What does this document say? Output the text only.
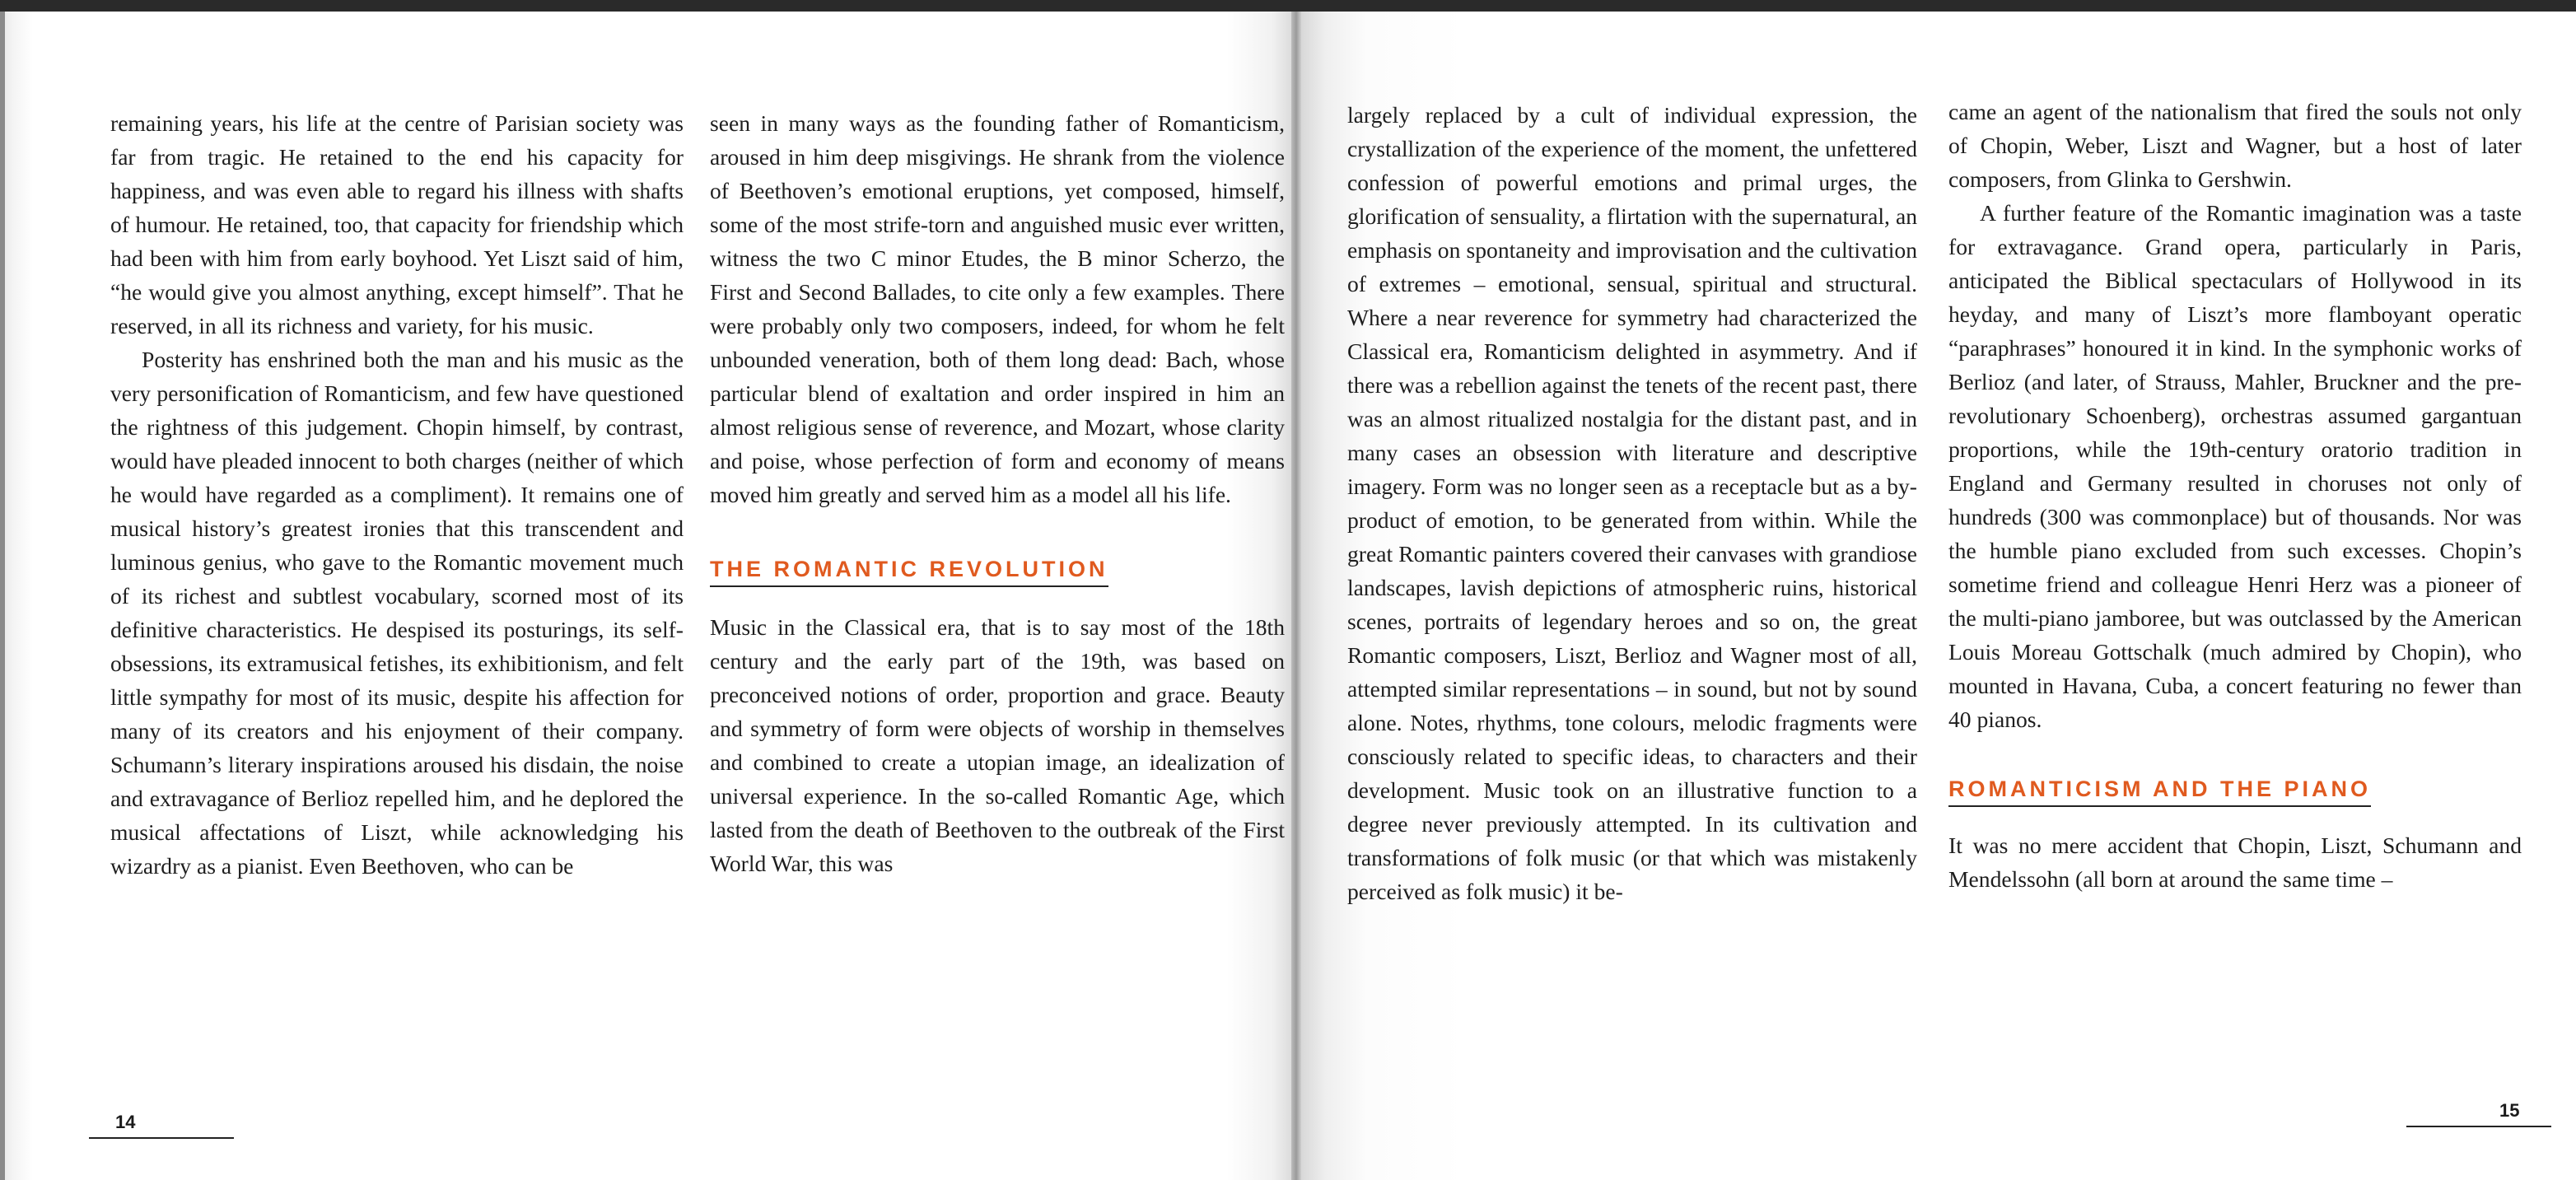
remaining years, his life at the centre of Parisian society was far from tragic. He retained to the end his capacity for happiness, and was even able to regard his illness with shafts of humour. He retained, too, that capacity for friendship which had been with him from early boyhood. Yet Liszt said of him, “he would give you almost anything, except himself”. That he reserved, in all its richness and variety, for his music.

Posterity has enshrined both the man and his music as the very personification of Romanticism, and few have questioned the rightness of this judgement. Chopin himself, by contrast, would have pleaded innocent to both charges (neither of which he would have regarded as a compliment). It remains one of musical history’s greatest ironies that this transcendent and luminous genius, who gave to the Romantic movement much of its richest and subtlest vocabulary, scorned most of its definitive characteristics. He despised its posturings, its self-obsessions, its extramusical fetishes, its exhibitionism, and felt little sympathy for most of its music, despite his affection for many of its creators and his enjoyment of their company. Schumann’s literary inspirations aroused his disdain, the noise and extravagance of Berlioz repelled him, and he deplored the musical affectations of Liszt, while acknowledging his wizardry as a pianist. Even Beethoven, who can be

seen in many ways as the founding father of Romanticism, aroused in him deep misgivings. He shrank from the violence of Beethoven’s emotional eruptions, yet composed, himself, some of the most strife-torn and anguished music ever written, witness the two C minor Etudes, the B minor Scherzo, the First and Second Ballades, to cite only a few examples. There were probably only two composers, indeed, for whom he felt unbounded veneration, both of them long dead: Bach, whose particular blend of exaltation and order inspired in him an almost religious sense of reverence, and Mozart, whose clarity and poise, whose perfection of form and economy of means moved him greatly and served him as a model all his life.

THE ROMANTIC REVOLUTION

Music in the Classical era, that is to say most of the 18th century and the early part of the 19th, was based on preconceived notions of order, proportion and grace. Beauty and symmetry of form were objects of worship in themselves and combined to create a utopian image, an idealization of universal experience. In the so-called Romantic Age, which lasted from the death of Beethoven to the outbreak of the First World War, this was

14

largely replaced by a cult of individual expression, the crystallization of the experience of the moment, the unfettered confession of powerful emotions and primal urges, the glorification of sensuality, a flirtation with the supernatural, an emphasis on spontaneity and improvisation and the cultivation of extremes – emotional, sensual, spiritual and structural. Where a near reverence for symmetry had characterized the Classical era, Romanticism delighted in asymmetry. And if there was a rebellion against the tenets of the recent past, there was an almost ritualized nostalgia for the distant past, and in many cases an obsession with literature and descriptive imagery. Form was no longer seen as a receptacle but as a by-product of emotion, to be generated from within. While the great Romantic painters covered their canvases with grandiose landscapes, lavish depictions of atmospheric ruins, historical scenes, portraits of legendary heroes and so on, the great Romantic composers, Liszt, Berlioz and Wagner most of all, attempted similar representations – in sound, but not by sound alone. Notes, rhythms, tone colours, melodic fragments were consciously related to specific ideas, to characters and their development. Music took on an illustrative function to a degree never previously attempted. In its cultivation and transformations of folk music (or that which was mistakenly perceived as folk music) it be-

came an agent of the nationalism that fired the souls not only of Chopin, Weber, Liszt and Wagner, but a host of later composers, from Glinka to Gershwin.

A further feature of the Romantic imagination was a taste for extravagance. Grand opera, particularly in Paris, anticipated the Biblical spectaculars of Hollywood in its heyday, and many of Liszt’s more flamboyant operatic “paraphrases” honoured it in kind. In the symphonic works of Berlioz (and later, of Strauss, Mahler, Bruckner and the pre-revolutionary Schoenberg), orchestras assumed gargantuan proportions, while the 19th-century oratorio tradition in England and Germany resulted in choruses not only of hundreds (300 was commonplace) but of thousands. Nor was the humble piano excluded from such excesses. Chopin’s sometime friend and colleague Henri Herz was a pioneer of the multi-piano jamboree, but was outclassed by the American Louis Moreau Gottschalk (much admired by Chopin), who mounted in Havana, Cuba, a concert featuring no fewer than 40 pianos.

ROMANTICISM AND THE PIANO

It was no mere accident that Chopin, Liszt, Schumann and Mendelssohn (all born at around the same time –

15
